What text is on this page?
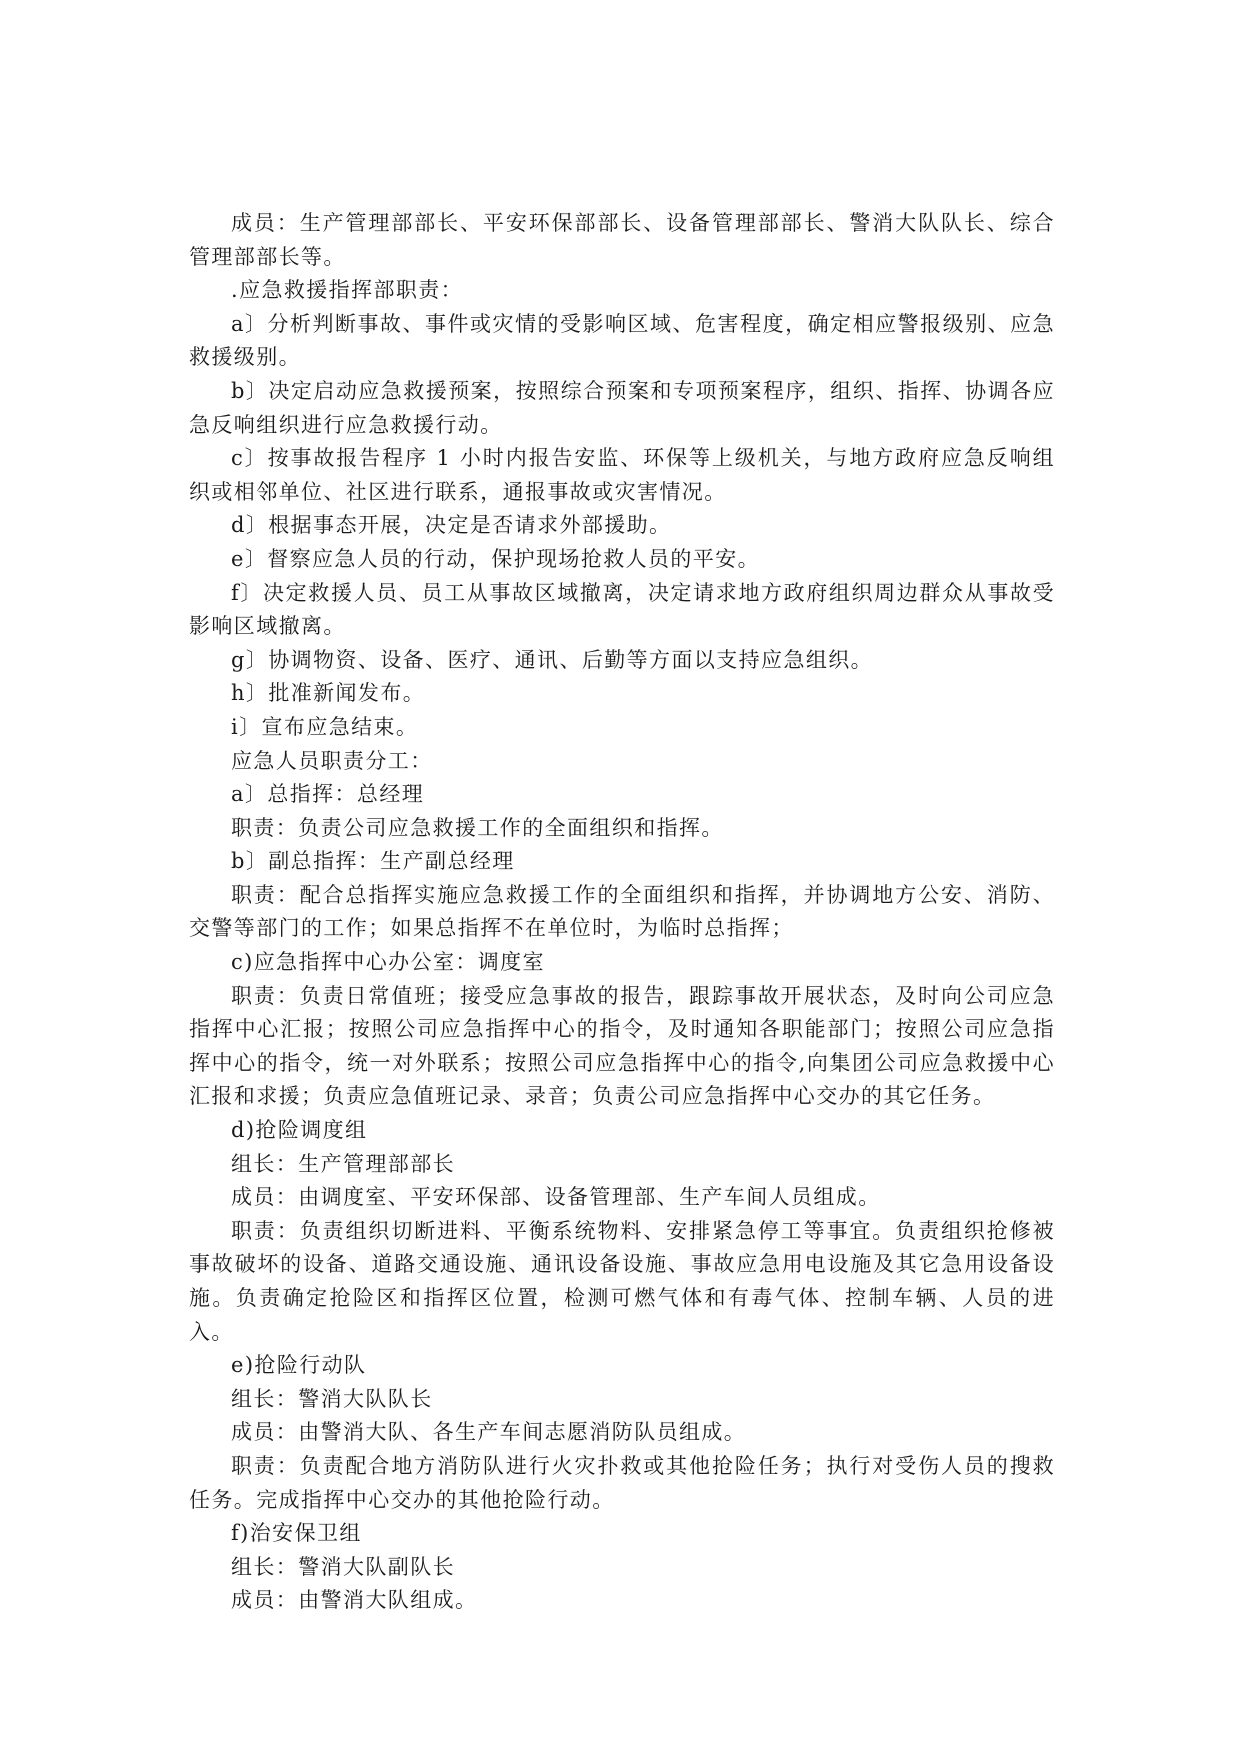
成员：生产管理部部长、平安环保部部长、设备管理部部长、警消大队队长、综合管理部部长等。

.应急救援指挥部职责：

a〕分析判断事故、事件或灾情的受影响区域、危害程度，确定相应警报级别、应急救援级别。

b〕决定启动应急救援预案，按照综合预案和专项预案程序，组织、指挥、协调各应急反响组织进行应急救援行动。

c〕按事故报告程序 1 小时内报告安监、环保等上级机关，与地方政府应急反响组织或相邻单位、社区进行联系，通报事故或灾害情况。

d〕根据事态开展，决定是否请求外部援助。

e〕督察应急人员的行动，保护现场抢救人员的平安。

f〕决定救援人员、员工从事故区域撤离，决定请求地方政府组织周边群众从事故受影响区域撤离。

g〕协调物资、设备、医疗、通讯、后勤等方面以支持应急组织。

h〕批准新闻发布。

i〕宣布应急结束。

应急人员职责分工：

a〕总指挥：总经理

职责：负责公司应急救援工作的全面组织和指挥。

b〕副总指挥：生产副总经理

职责：配合总指挥实施应急救援工作的全面组织和指挥，并协调地方公安、消防、交警等部门的工作；如果总指挥不在单位时，为临时总指挥；

c)应急指挥中心办公室：调度室

职责：负责日常值班；接受应急事故的报告，跟踪事故开展状态，及时向公司应急指挥中心汇报；按照公司应急指挥中心的指令，及时通知各职能部门；按照公司应急指挥中心的指令，统一对外联系；按照公司应急指挥中心的指令,向集团公司应急救援中心汇报和求援；负责应急值班记录、录音；负责公司应急指挥中心交办的其它任务。

d)抢险调度组

组长：生产管理部部长

成员：由调度室、平安环保部、设备管理部、生产车间人员组成。

职责：负责组织切断进料、平衡系统物料、安排紧急停工等事宜。负责组织抢修被事故破坏的设备、道路交通设施、通讯设备设施、事故应急用电设施及其它急用设备设施。负责确定抢险区和指挥区位置，检测可燃气体和有毒气体、控制车辆、人员的进入。

e)抢险行动队

组长：警消大队队长

成员：由警消大队、各生产车间志愿消防队员组成。

职责：负责配合地方消防队进行火灾扑救或其他抢险任务；执行对受伤人员的搜救任务。完成指挥中心交办的其他抢险行动。

f)治安保卫组

组长：警消大队副队长

成员：由警消大队组成。
